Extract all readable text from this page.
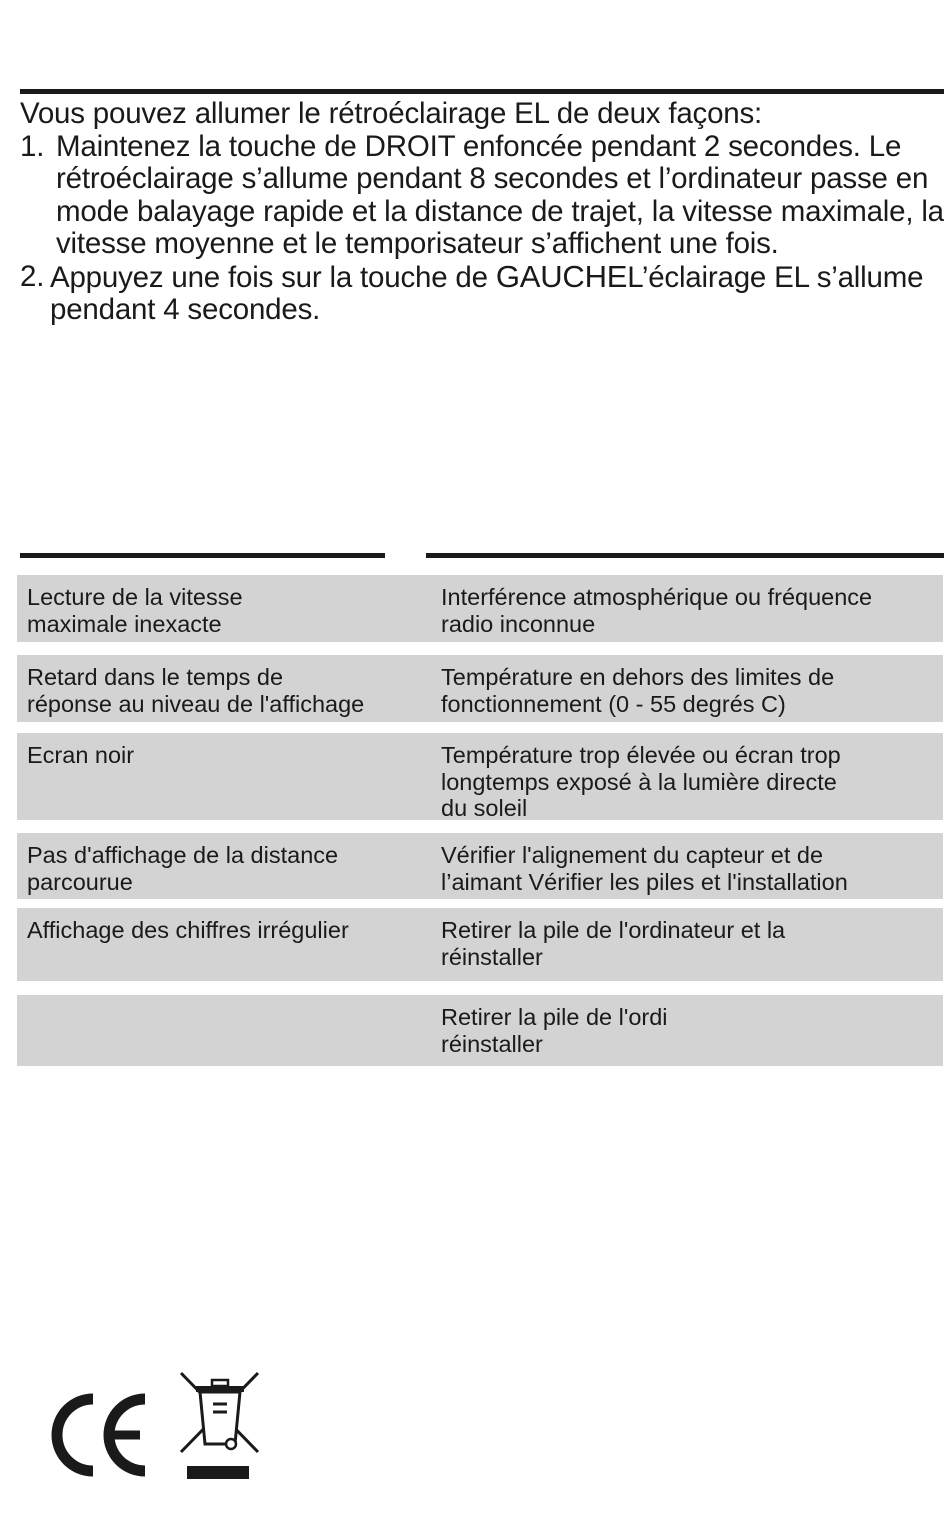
Vous pouvez allumer le rétroéclairage EL de deux façons:

1. Maintenez la touche de DROIT enfoncée pendant 2 secondes. Le rétroéclairage s’allume pendant 8 secondes et l’ordinateur passe en mode balayage rapide et la distance de trajet, la vitesse maximale, la vitesse moyenne et le temporisateur s’affichent une fois.
2. Appuyez une fois sur la touche de GAUCHEL’éclairage EL s’allume pendant 4 secondes.
Lecture de la vitesse
maximale inexacte
Interférence atmosphérique ou fréquence
radio inconnue
Retard dans le temps de
réponse au niveau de l'affichage
Température en dehors des limites de
fonctionnement (0 - 55 degrés C)
Ecran noir	Température trop élevée ou écran trop
longtemps exposé à la lumière directe
du soleil
Pas d'affichage de la distance
parcourue
Vérifier l'alignement du capteur et de
l’aimant Vérifier les piles et l'installation
Affichage des chiffres irrégulier	Retirer la pile de l'ordinateur et la
réinstaller
Retirer la pile de l'ordi
réinstaller
